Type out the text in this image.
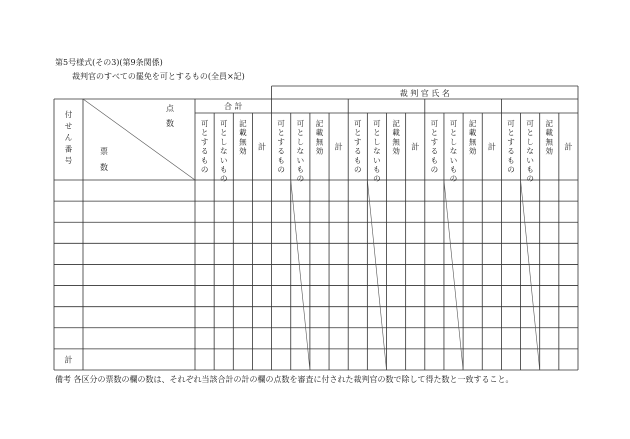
第5号様式(その3)(第9条関係)
裁判官のすべての罷免を可とするもの(全員×記)
可
と
す
る
も
の
可
と
し
な
い
も
の
記
載
無
効 計
可
と
す
る
も
の
可
と
し
な
い
も
の
記
載
無
効 計
可
と
す
る
も
の
可
と
し
な
い
も
の
記
載
無
効 計
可
と
す
る
も
の
可
と
し
な
い
も
の
記
載
無
効 計
可
と
す
る
も
の
可
と
し
な
い
も
の
記
載
無
効 計
合 計
裁 判 官 氏 名
点
数
票
数
付
せ
ん
番
号
計
備考 各区分の票数の欄の数は、それぞれ当該合計の計の欄の点数を審査に付された裁判官の数で除して得た数と一致すること。
